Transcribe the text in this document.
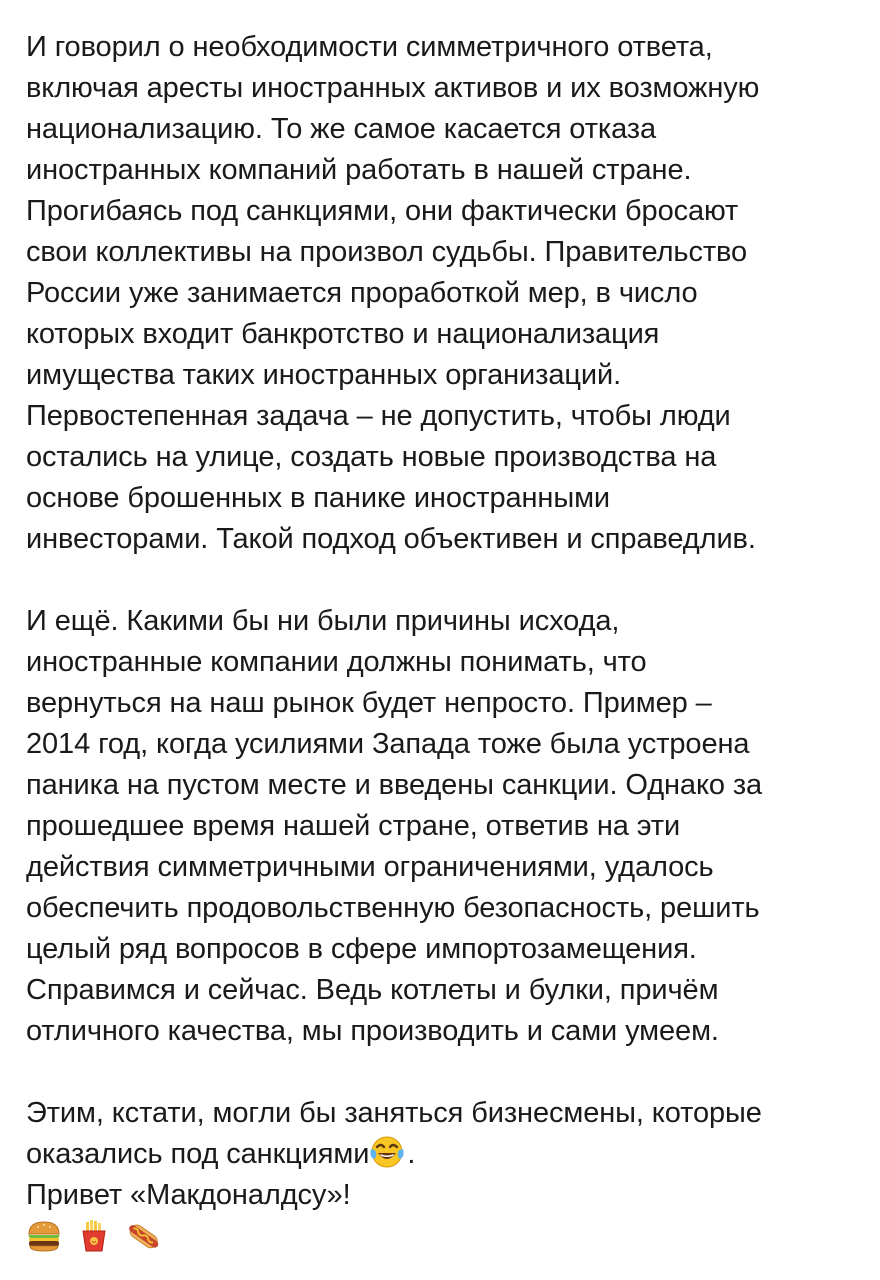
И говорил о необходимости симметричного ответа,
включая аресты иностранных активов и их возможную
национализацию. То же самое касается отказа
иностранных компаний работать в нашей стране.
Прогибаясь под санкциями, они фактически бросают
свои коллективы на произвол судьбы. Правительство
России уже занимается проработкой мер, в число
которых входит банкротство и национализация
имущества таких иностранных организаций.
Первостепенная задача – не допустить, чтобы люди
остались на улице, создать новые производства на
основе брошенных в панике иностранными
инвесторами. Такой подход объективен и справедлив.
И ещё. Какими бы ни были причины исхода,
иностранные компании должны понимать, что
вернуться на наш рынок будет непросто. Пример –
2014 год, когда усилиями Запада тоже была устроена
паника на пустом месте и введены санкции. Однако за
прошедшее время нашей стране, ответив на эти
действия симметричными ограничениями, удалось
обеспечить продовольственную безопасность, решить
целый ряд вопросов в сфере импортозамещения.
Справимся и сейчас. Ведь котлеты и булки, причём
отличного качества, мы производить и сами умеем.
Этим, кстати, могли бы заняться бизнесмены, которые
оказались под санкциями .
Привет «Макдоналдсу»!
